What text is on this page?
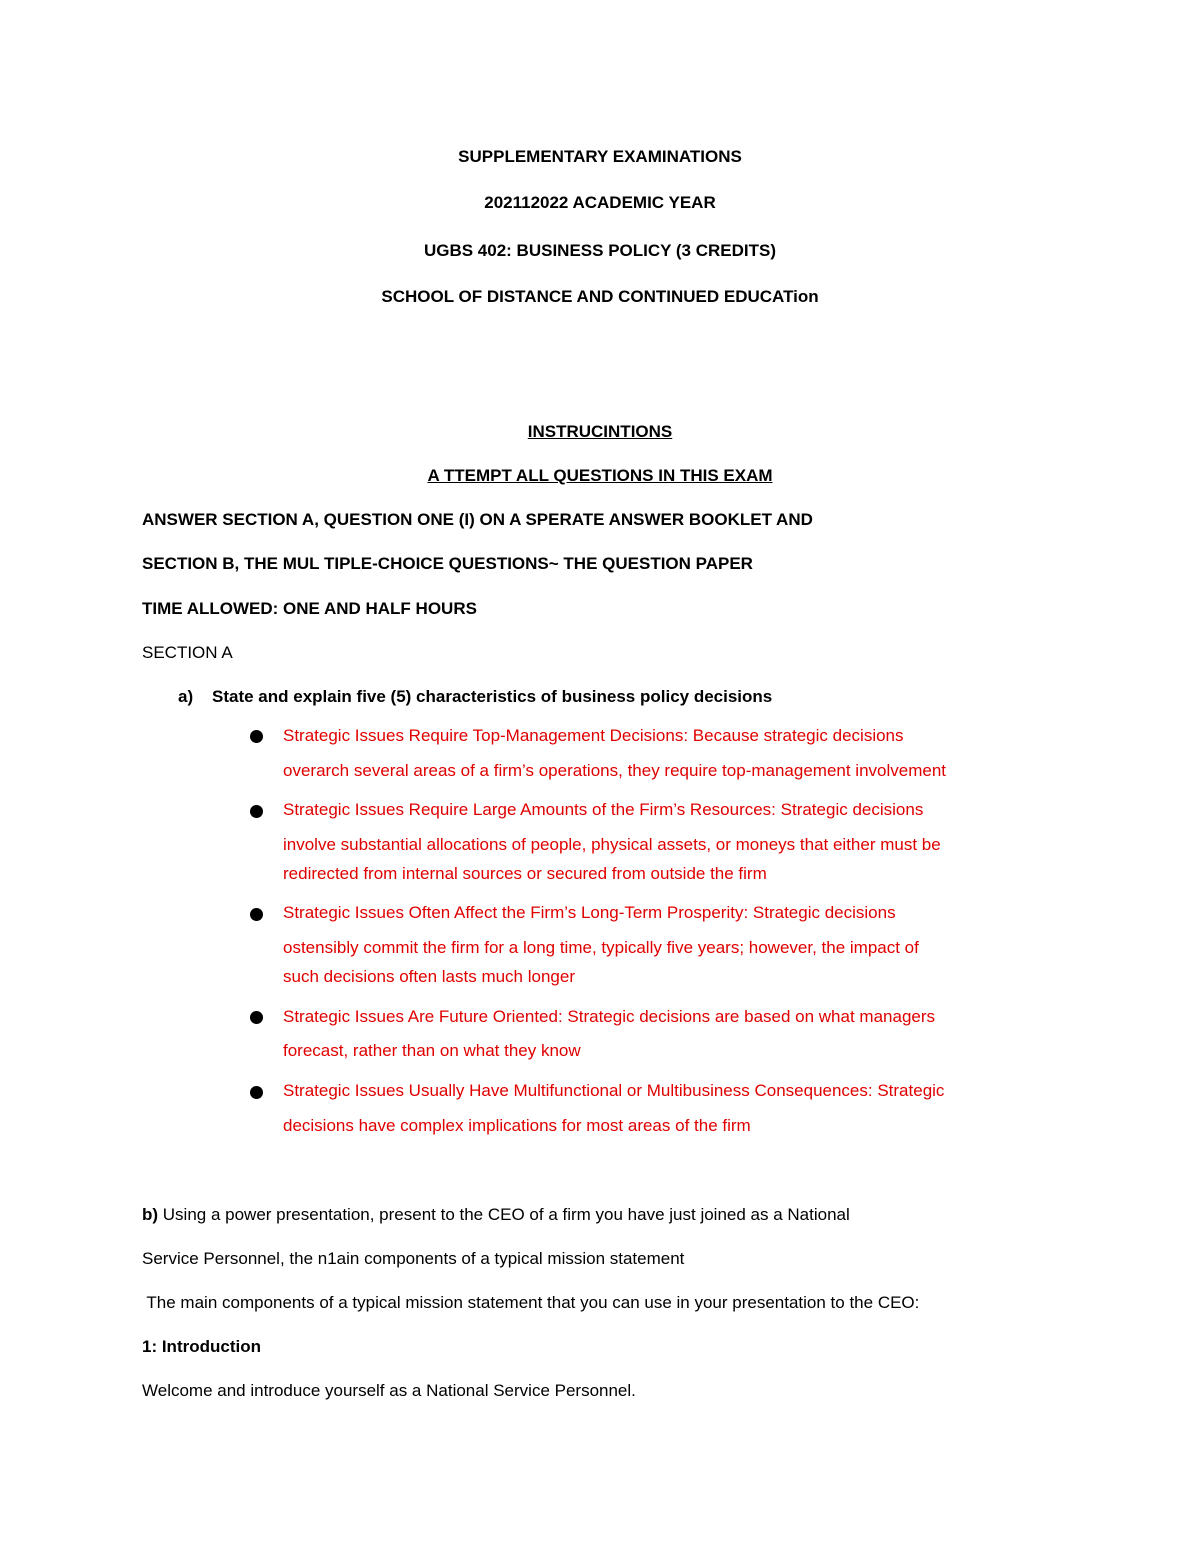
SUPPLEMENTARY EXAMINATIONS
202112022 ACADEMIC YEAR
UGBS 402: BUSINESS POLICY (3 CREDITS)
SCHOOL OF DISTANCE AND CONTINUED EDUCATion
INSTRUCINTIONS
A TTEMPT ALL QUESTIONS IN THIS EXAM
ANSWER SECTION A, QUESTION ONE (I) ON A SPERATE ANSWER BOOKLET AND
SECTION B, THE MUL TIPLE-CHOICE QUESTIONS~ THE QUESTION PAPER
TIME ALLOWED: ONE AND HALF HOURS
SECTION A
a) State and explain five (5) characteristics of business policy decisions
Strategic Issues Require Top-Management Decisions: Because strategic decisions
overarch several areas of a firm’s operations, they require top-management involvement
Strategic Issues Require Large Amounts of the Firm’s Resources: Strategic decisions
involve substantial allocations of people, physical assets, or moneys that either must be
redirected from internal sources or secured from outside the firm
Strategic Issues Often Affect the Firm’s Long-Term Prosperity: Strategic decisions
ostensibly commit the firm for a long time, typically five years; however, the impact of
such decisions often lasts much longer
Strategic Issues Are Future Oriented: Strategic decisions are based on what managers
forecast, rather than on what they know
Strategic Issues Usually Have Multifunctional or Multibusiness Consequences: Strategic
decisions have complex implications for most areas of the firm
b) Using a power presentation, present to the CEO of a firm you have just joined as a National
Service Personnel, the n1ain components of a typical mission statement
The main components of a typical mission statement that you can use in your presentation to the CEO:
1: Introduction
Welcome and introduce yourself as a National Service Personnel.
